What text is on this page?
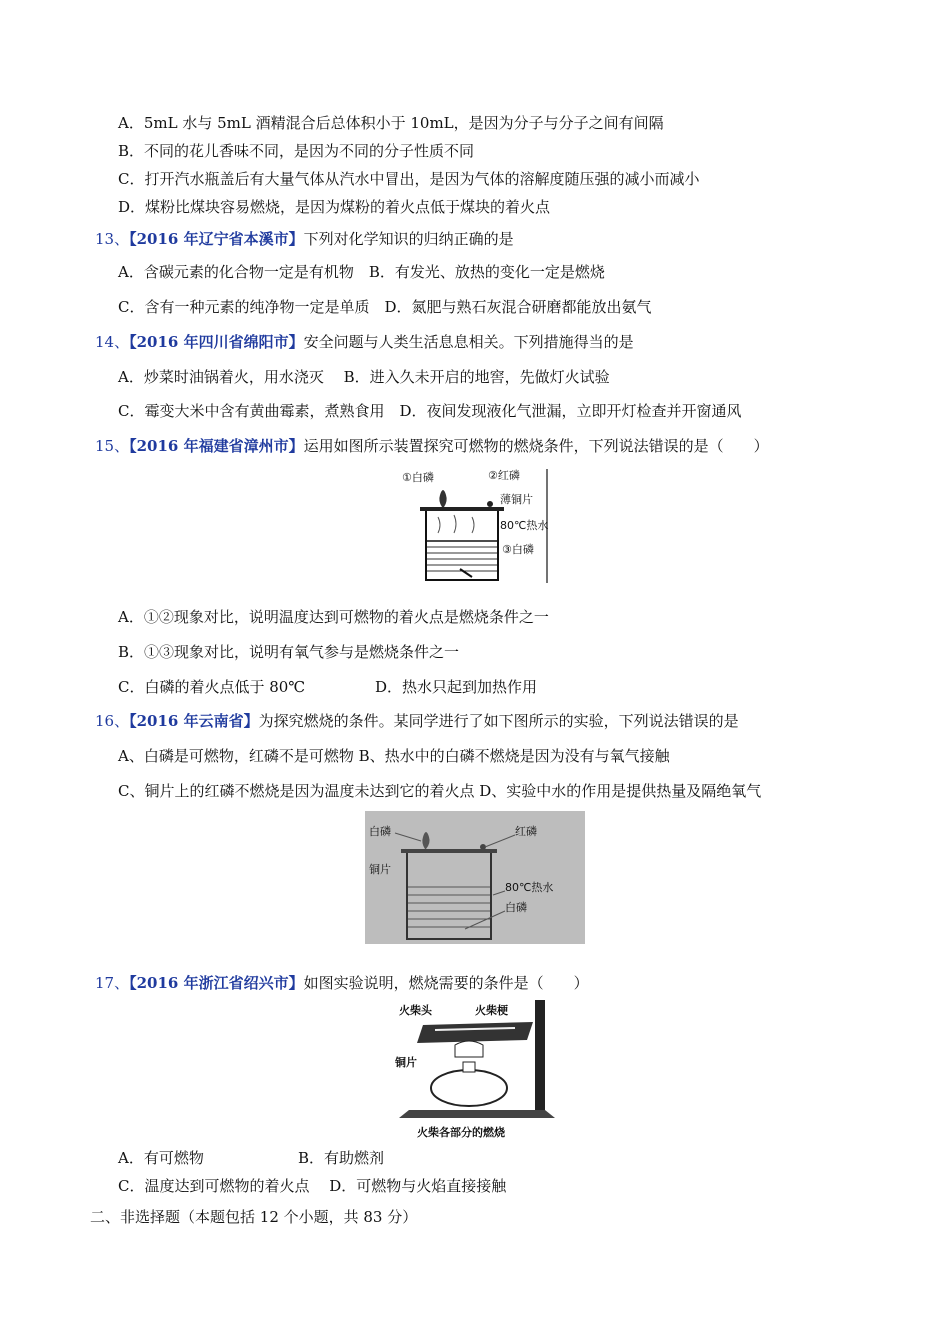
A．5mL 水与 5mL 酒精混合后总体积小于 10mL，是因为分子与分子之间有间隔
B．不同的花儿香味不同，是因为不同的分子性质不同
C．打开汽水瓶盖后有大量气体从汽水中冒出，是因为气体的溶解度随压强的减小而减小
D．煤粉比煤块容易燃烧，是因为煤粉的着火点低于煤块的着火点
13、【2016 年辽宁省本溪市】下列对化学知识的归纳正确的是
A．含碳元素的化合物一定是有机物　B．有发光、放热的变化一定是燃烧
C．含有一种元素的纯净物一定是单质　D．氮肥与熟石灰混合研磨都能放出氨气
14、【2016 年四川省绵阳市】安全问题与人类生活息息相关。下列措施得当的是
A．炒菜时油锅着火，用水浇灭　 B．进入久未开启的地窖，先做灯火试验
C．霉变大米中含有黄曲霉素，煮熟食用　D．夜间发现液化气泄漏，立即开灯检查并开窗通风
15、【2016 年福建省漳州市】运用如图所示装置探究可燃物的燃烧条件，下列说法错误的是（　　）
①白磷	②红磷
薄铜片
80℃热水
③白磷
A．①②现象对比，说明温度达到可燃物的着火点是燃烧条件之一
B．①③现象对比，说明有氧气参与是燃烧条件之一
C．白磷的着火点低于 80℃	D．热水只起到加热作用
16、【2016 年云南省】为探究燃烧的条件。某同学进行了如下图所示的实验，下列说法错误的是
A、白磷是可燃物，红磷不是可燃物 B、热水中的白磷不燃烧是因为没有与氧气接触
C、铜片上的红磷不燃烧是因为温度未达到它的着火点 D、实验中水的作用是提供热量及隔绝氧气
白磷	红磷
铜片
80℃热水
白磷
17、【2016 年浙江省绍兴市】如图实验说明，燃烧需要的条件是（　　）
火柴头	火柴梗
铜片
火柴各部分的燃烧
A．有可燃物	B．有助燃剂
C．温度达到可燃物的着火点　 D．可燃物与火焰直接接触
二、非选择题（本题包括 12 个小题，共 83 分）
